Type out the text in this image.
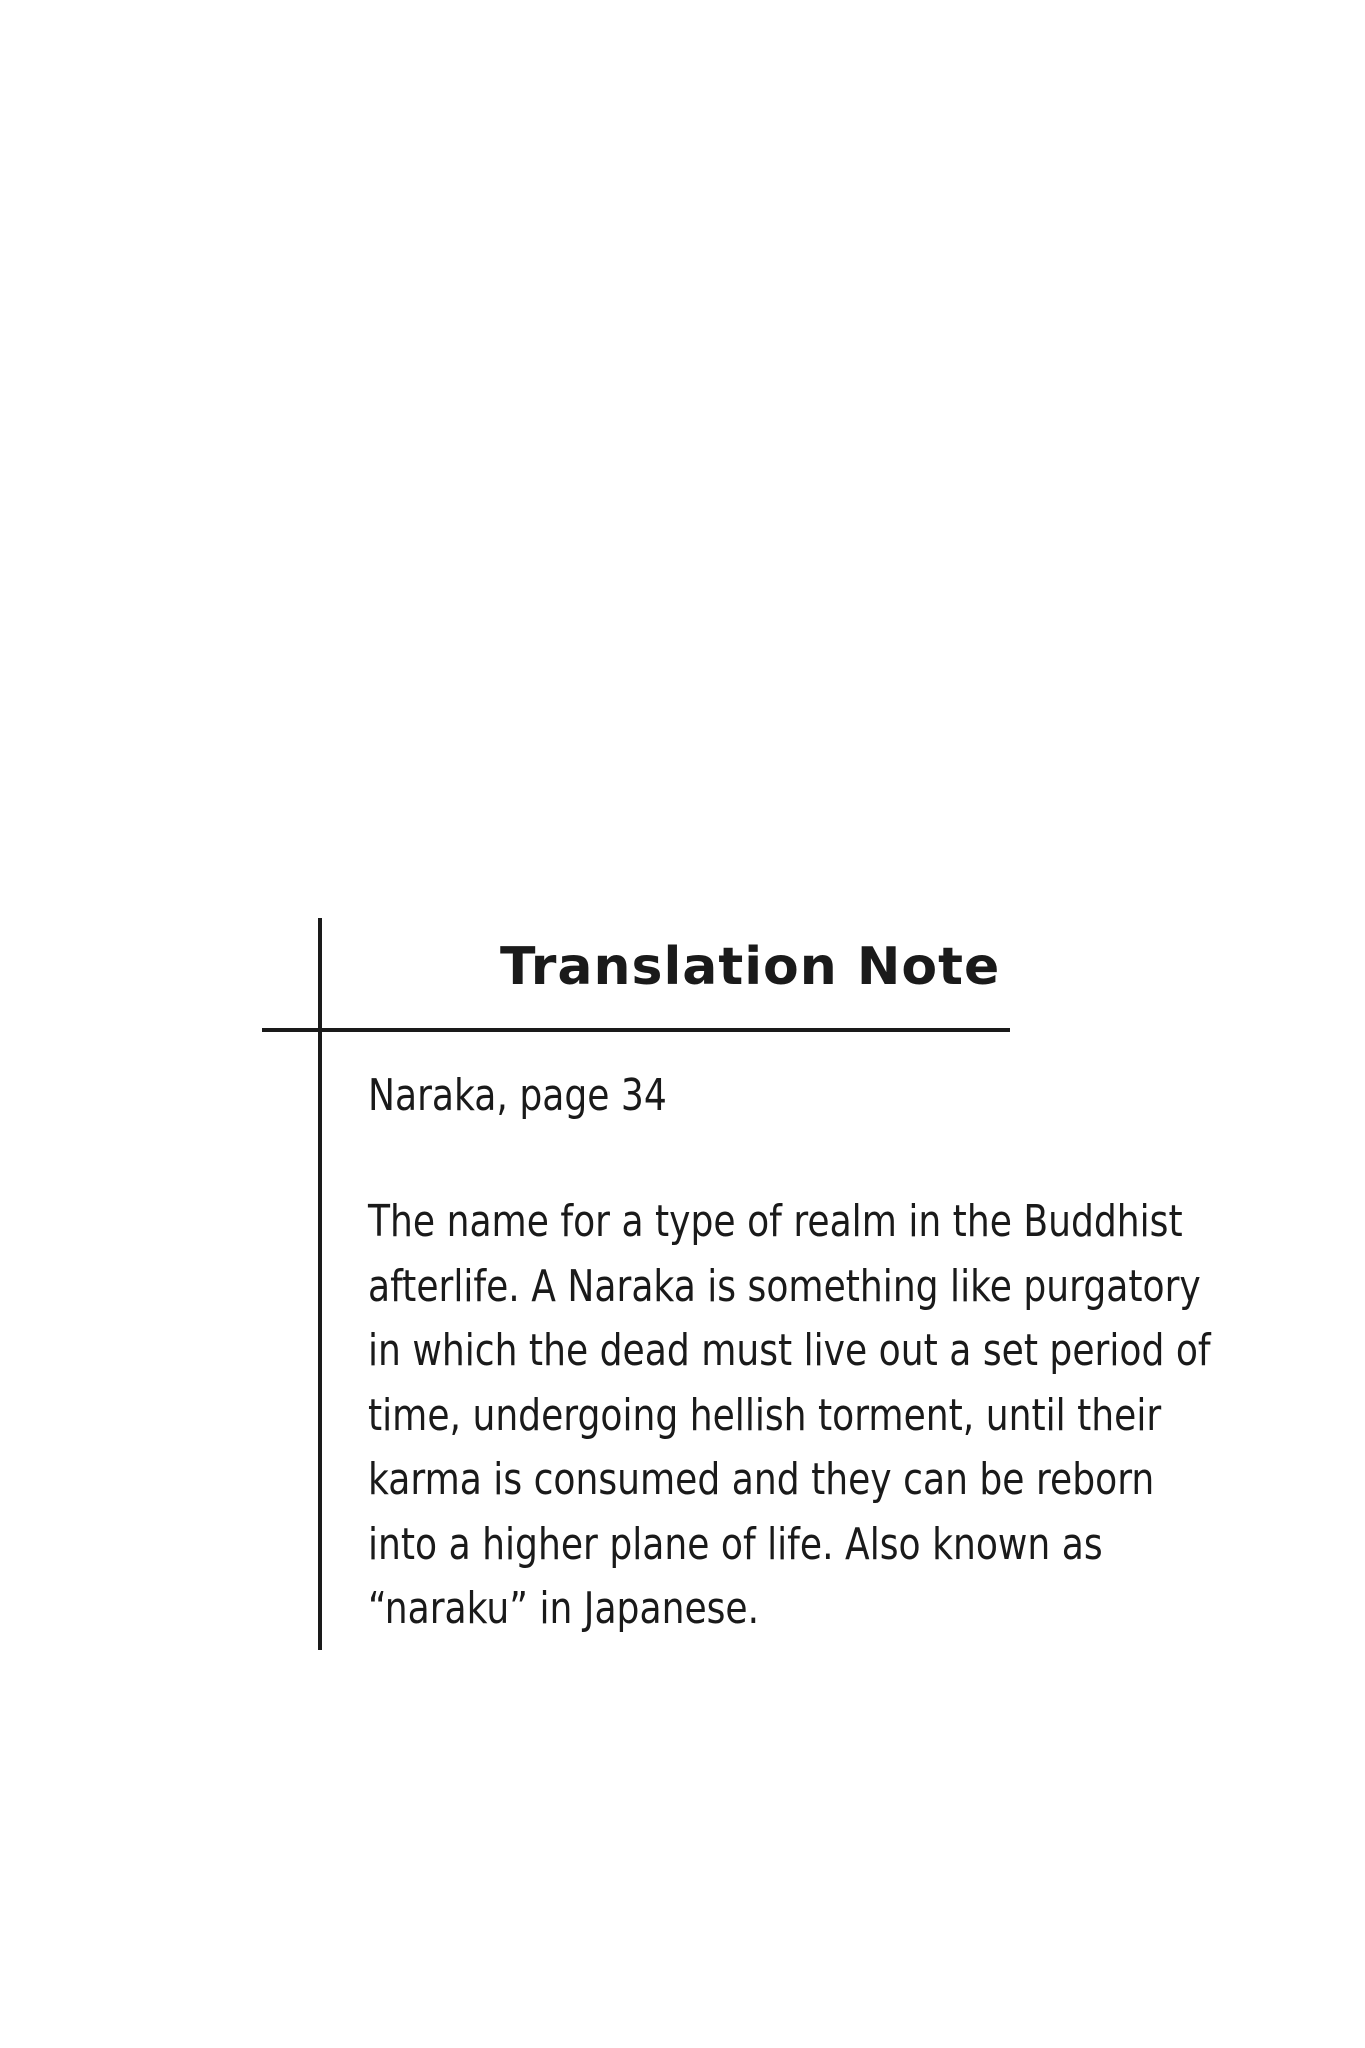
Translation Note
Naraka, page 34
The name for a type of realm in the Buddhist
afterlife. A Naraka is something like purgatory
in which the dead must live out a set period of
time, undergoing hellish torment, until their
karma is consumed and they can be reborn
into a higher plane of life. Also known as
“naraku” in Japanese.
